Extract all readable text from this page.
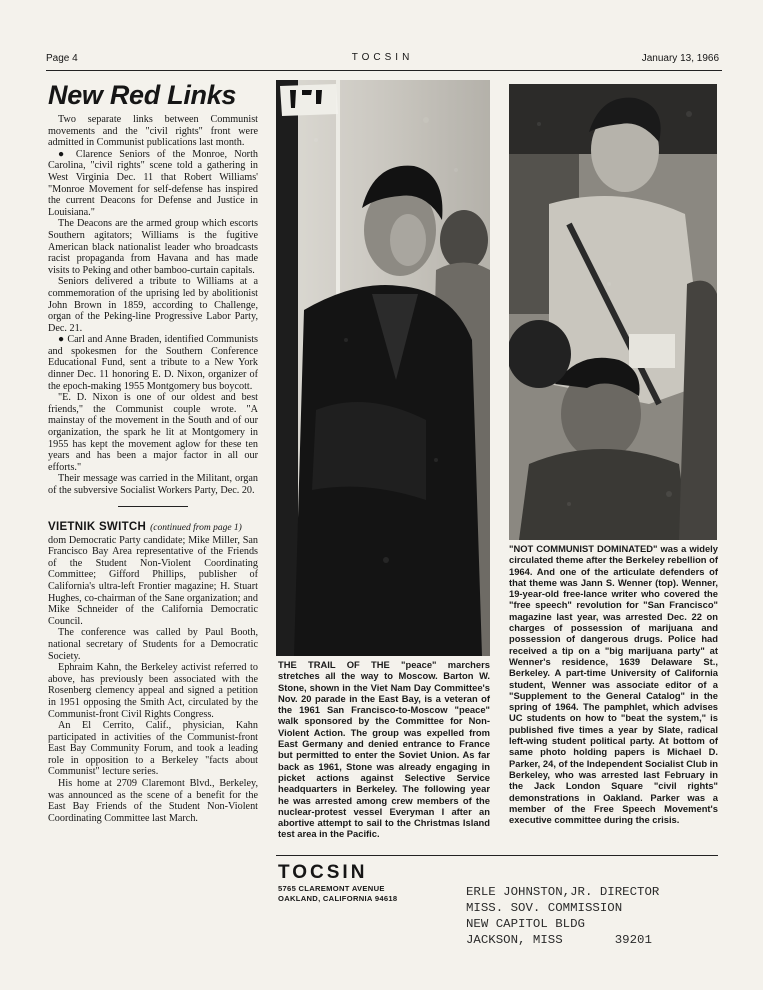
Page 4	TOCSIN	January 13, 1966
New Red Links

Two separate links between Communist movements and the "civil rights" front were admitted in Communist publications last month.

● Clarence Seniors of the Monroe, North Carolina, "civil rights" scene told a gathering in West Virginia Dec. 11 that Robert Williams' "Monroe Movement for self-defense has inspired the current Deacons for Defense and Justice in Louisiana."

The Deacons are the armed group which escorts Southern agitators; Williams is the fugitive American black nationalist leader who broadcasts racist propaganda from Havana and has made visits to Peking and other bamboo-curtain capitals.

Seniors delivered a tribute to Williams at a commemoration of the uprising led by abolitionist John Brown in 1859, according to Challenge, organ of the Peking-line Progressive Labor Party, Dec. 21.

● Carl and Anne Braden, identified Communists and spokesmen for the Southern Conference Educational Fund, sent a tribute to a New York dinner Dec. 11 honoring E. D. Nixon, organizer of the epoch-making 1955 Montgomery bus boycott.

"E. D. Nixon is one of our oldest and best friends," the Communist couple wrote. "A mainstay of the movement in the South and of our organization, the spark he lit at Montgomery in 1955 has kept the movement aglow for these ten years and has been a major factor in all our efforts."

Their message was carried in the Militant, organ of the subversive Socialist Workers Party, Dec. 20.

VIETNIK SWITCH (continued from page 1)

dom Democratic Party candidate; Mike Miller, San Francisco Bay Area representative of the Friends of the Student Non-Violent Coordinating Committee; Gifford Phillips, publisher of California's ultra-left Frontier magazine; H. Stuart Hughes, co-chairman of the Sane organization; and Mike Schneider of the California Democratic Council.

The conference was called by Paul Booth, national secretary of Students for a Democratic Society.

Ephraim Kahn, the Berkeley activist referred to above, has previously been associated with the Rosenberg clemency appeal and signed a petition in 1951 opposing the Smith Act, circulated by the Communist-front Civil Rights Congress.

An El Cerrito, Calif., physician, Kahn participated in activities of the Communist-front East Bay Community Forum, and took a leading role in opposition to a Berkeley "facts about Communist" lecture series.

His home at 2709 Claremont Blvd., Berkeley, was announced as the scene of a benefit for the East Bay Friends of the Student Non-Violent Coordinating Committee last March.

THE TRAIL OF THE "peace" marchers stretches all the way to Moscow. Barton W. Stone, shown in the Viet Nam Day Committee's Nov. 20 parade in the East Bay, is a veteran of the 1961 San Francisco-to-Moscow "peace" walk sponsored by the Committee for Non-Violent Action. The group was expelled from East Germany and denied entrance to France but permitted to enter the Soviet Union. As far back as 1961, Stone was already engaging in picket actions against Selective Service headquarters in Berkeley. The following year he was arrested among crew members of the nuclear-protest vessel Everyman I after an abortive attempt to sail to the Christmas Island test area in the Pacific.
"NOT COMMUNIST DOMINATED" was a widely circulated theme after the Berkeley rebellion of 1964. And one of the articulate defenders of that theme was Jann S. Wenner (top). Wenner, 19-year-old free-lance writer who covered the "free speech" revolution for "San Francisco" magazine last year, was arrested Dec. 22 on charges of possession of marijuana and possession of dangerous drugs. Police had received a tip on a "big marijuana party" at Wenner's residence, 1639 Delaware St., Berkeley. A part-time University of California student, Wenner was associate editor of a "Supplement to the General Catalog" in the spring of 1964. The pamphlet, which advises UC students on how to "beat the system," is published five times a year by Slate, radical left-wing student political party. At bottom of same photo holding papers is Michael D. Parker, 24, of the Independent Socialist Club in Berkeley, who was arrested last February in the Jack London Square "civil rights" demonstrations in Oakland. Parker was a member of the Free Speech Movement's executive committee during the crisis.
TOCSIN
5765 CLAREMONT AVENUE
OAKLAND, CALIFORNIA 94618	ERLE JOHNSTON,JR. DIRECTOR
MISS. SOV. COMMISSION
NEW CAPITOL BLDG
JACKSON, MISS       39201
